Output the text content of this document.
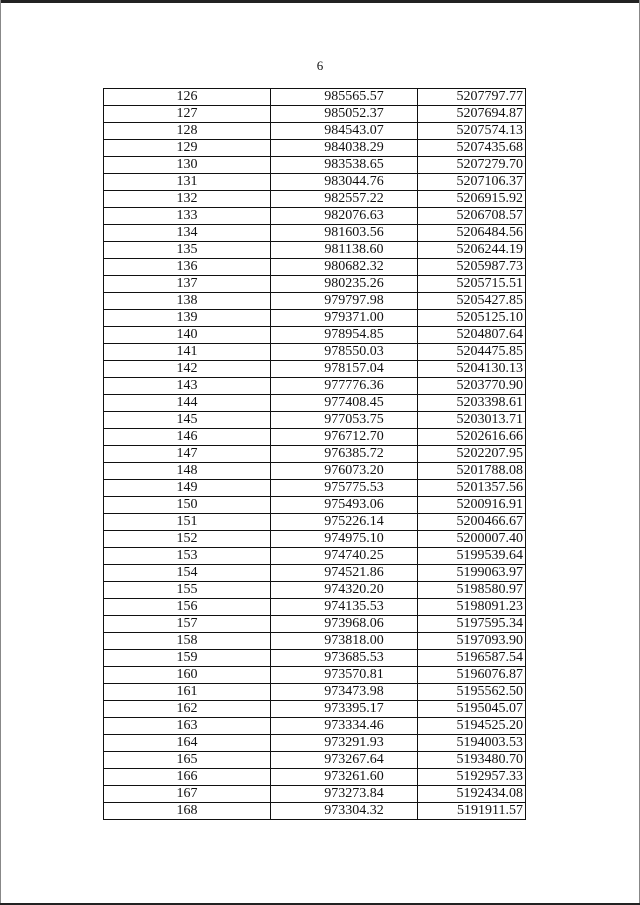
6
126	985565.57	5207797.77
127	985052.37	5207694.87
128	984543.07	5207574.13
129	984038.29	5207435.68
130	983538.65	5207279.70
131	983044.76	5207106.37
132	982557.22	5206915.92
133	982076.63	5206708.57
134	981603.56	5206484.56
135	981138.60	5206244.19
136	980682.32	5205987.73
137	980235.26	5205715.51
138	979797.98	5205427.85
139	979371.00	5205125.10
140	978954.85	5204807.64
141	978550.03	5204475.85
142	978157.04	5204130.13
143	977776.36	5203770.90
144	977408.45	5203398.61
145	977053.75	5203013.71
146	976712.70	5202616.66
147	976385.72	5202207.95
148	976073.20	5201788.08
149	975775.53	5201357.56
150	975493.06	5200916.91
151	975226.14	5200466.67
152	974975.10	5200007.40
153	974740.25	5199539.64
154	974521.86	5199063.97
155	974320.20	5198580.97
156	974135.53	5198091.23
157	973968.06	5197595.34
158	973818.00	5197093.90
159	973685.53	5196587.54
160	973570.81	5196076.87
161	973473.98	5195562.50
162	973395.17	5195045.07
163	973334.46	5194525.20
164	973291.93	5194003.53
165	973267.64	5193480.70
166	973261.60	5192957.33
167	973273.84	5192434.08
168	973304.32	5191911.57
